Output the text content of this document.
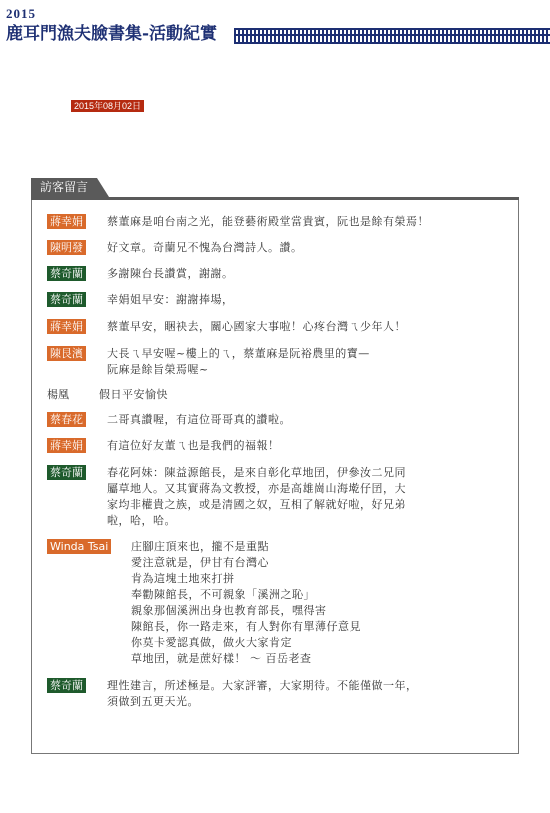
2015
鹿耳門漁夫臉書集-活動紀實
2015年08月02日
訪客留言
蔣幸娟 蔡董麻是咱台南之光，能登藝術殿堂當貴賓，阮也是餘有榮焉！
陳明發 好文章。奇蘭兄不愧為台灣詩人。讚。
蔡奇蘭 多謝陳台長讚賞，謝謝。
蔡奇蘭 幸娟姐早安：謝謝捧場，
蔣幸娟 蔡董早安，睏袂去，關心國家大事啦！心疼台灣ㄟ少年人！
陳艮濱 大長ㄟ早安喔~樓上的ㄟ，蔡董麻是阮裕農里的寶—
阮麻是餘旨榮焉喔~
楊凰	假日平安愉快
蔡春花 二哥真讚喔，有這位哥哥真的讚啦。
蔣幸娟 有這位好友董ㄟ也是我們的福報！
蔡奇蘭 春花阿妹：陳益源館長，是來自彰化草地囝，伊參汝二兄同
屬草地人。又其實蔣為文教授，亦是高雄崗山海墘仔囝，大
家均非權貴之族，或是清國之奴，互相了解就好啦，好兄弟
啦，哈，哈。
Winda Tsai 庄腳庄頂來也，攏不是重點
愛注意就是，伊甘有台灣心
肯為這塊土地來打拼
奉勸陳館長，不可親象「溪洲之恥」
親象那個溪洲出身也教育部長，嘿得害
陳館長，你一路走來，有人對你有單薄仔意見
你莫卡愛認真做，做火大家肯定
草地囝，就是蔗好樣！ ～ 百岳老查
蔡奇蘭 理性建言，所述極是。大家評審，大家期待。不能僅做一年，
須做到五更天光。
